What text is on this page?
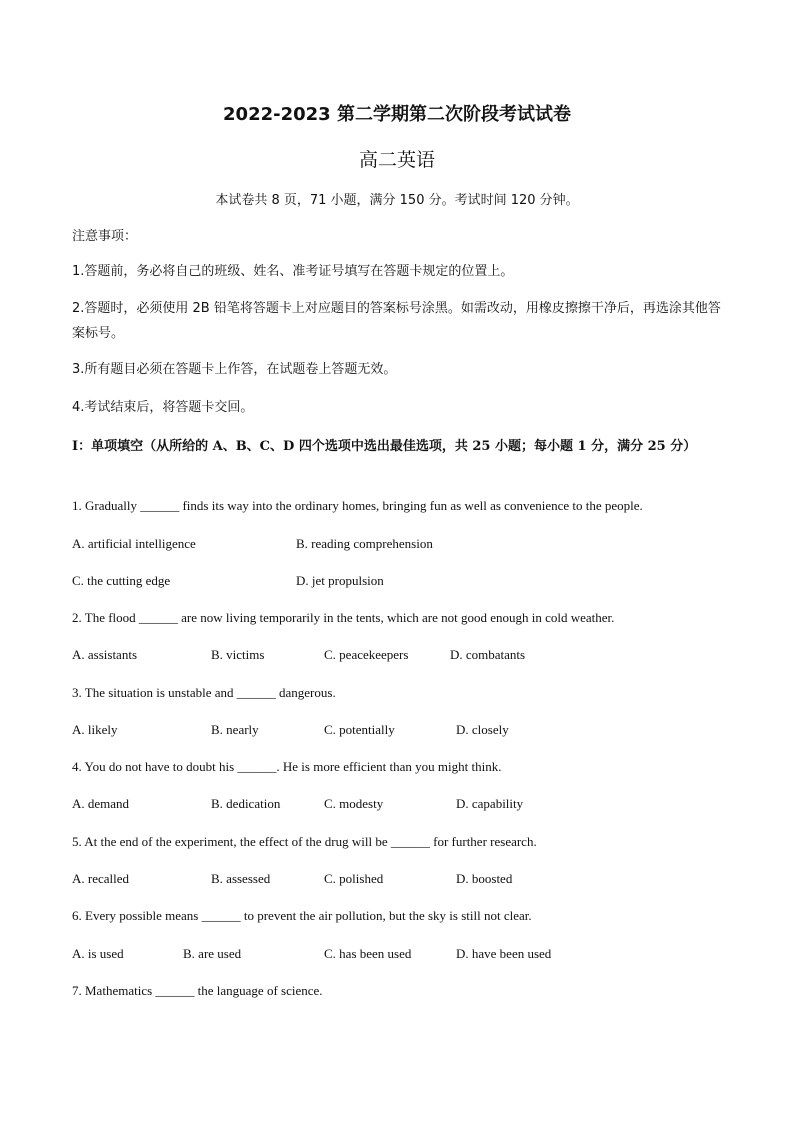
2022-2023 第二学期第二次阶段考试试卷
高二英语
本试卷共 8 页，71 小题，满分 150 分。考试时间 120 分钟。
注意事项：
1.答题前，务必将自己的班级、姓名、准考证号填写在答题卡规定的位置上。
2.答题时，必须使用 2B 铅笔将答题卡上对应题目的答案标号涂黑。如需改动，用橡皮擦擦干净后，再选涂其他答案标号。
3.所有题目必须在答题卡上作答，在试题卷上答题无效。
4.考试结束后，将答题卡交回。
I：单项填空（从所给的 A、B、C、D 四个选项中选出最佳选项，共 25 小题；每小题 1 分，满分 25 分）
1. Gradually ______ finds its way into the ordinary homes, bringing fun as well as convenience to the people.
A. artificial intelligence	B. reading comprehension
C. the cutting edge	D. jet propulsion
2. The flood ______ are now living temporarily in the tents, which are not good enough in cold weather.
A. assistants	B. victims	C. peacekeepers	D. combatants
3. The situation is unstable and ______ dangerous.
A. likely	B. nearly	C. potentially	D. closely
4. You do not have to doubt his ______. He is more efficient than you might think.
A. demand	B. dedication	C. modesty	D. capability
5. At the end of the experiment, the effect of the drug will be ______ for further research.
A. recalled	B. assessed	C. polished	D. boosted
6. Every possible means ______ to prevent the air pollution, but the sky is still not clear.
A. is used	B. are used	C. has been used	D. have been used
7. Mathematics ______ the language of science.
